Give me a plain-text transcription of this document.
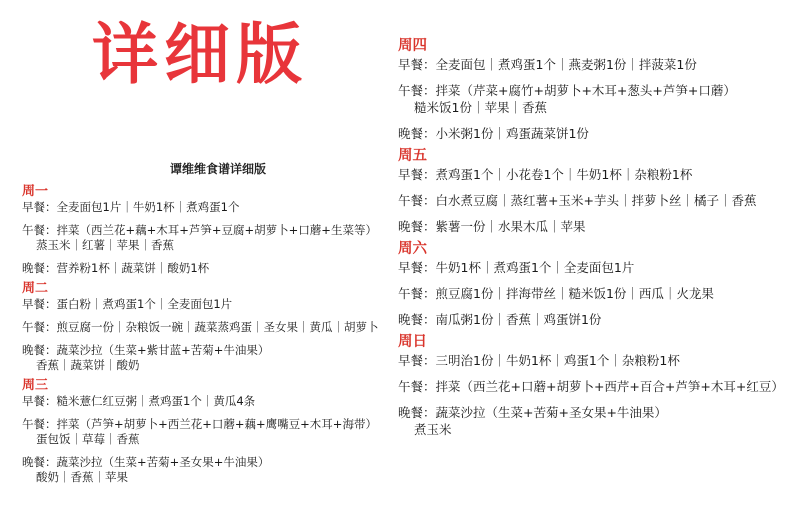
详细版
谭维维食谱详细版
周一
早餐：全麦面包1片｜牛奶1杯｜煮鸡蛋1个
午餐：拌菜（西兰花+藕+木耳+芦笋+豆腐+胡萝卜+口蘑+生菜等）
蒸玉米｜红薯｜苹果｜香蕉
晚餐：营养粉1杯｜蔬菜饼｜酸奶1杯
周二
早餐：蛋白粉｜煮鸡蛋1个｜全麦面包1片
午餐：煎豆腐一份｜杂粮饭一碗｜蔬菜蒸鸡蛋｜圣女果｜黄瓜｜胡萝卜
晚餐：蔬菜沙拉（生菜+紫甘蓝+苦菊+牛油果）
香蕉｜蔬菜饼｜酸奶
周三
早餐：糙米薏仁红豆粥｜煮鸡蛋1个｜黄瓜4条
午餐：拌菜（芦笋+胡萝卜+西兰花+口蘑+藕+鹰嘴豆+木耳+海带）
蛋包饭｜草莓｜香蕉
晚餐：蔬菜沙拉（生菜+苦菊+圣女果+牛油果）
酸奶｜香蕉｜苹果
周四
早餐：全麦面包｜煮鸡蛋1个｜燕麦粥1份｜拌菠菜1份
午餐：拌菜（芹菜+腐竹+胡萝卜+木耳+葱头+芦笋+口蘑）
糙米饭1份｜苹果｜香蕉
晚餐：小米粥1份｜鸡蛋蔬菜饼1份
周五
早餐：煮鸡蛋1个｜小花卷1个｜牛奶1杯｜杂粮粉1杯
午餐：白水煮豆腐｜蒸红薯+玉米+芋头｜拌萝卜丝｜橘子｜香蕉
晚餐：紫薯一份｜水果木瓜｜苹果
周六
早餐：牛奶1杯｜煮鸡蛋1个｜全麦面包1片
午餐：煎豆腐1份｜拌海带丝｜糙米饭1份｜西瓜｜火龙果
晚餐：南瓜粥1份｜香蕉｜鸡蛋饼1份
周日
早餐：三明治1份｜牛奶1杯｜鸡蛋1个｜杂粮粉1杯
午餐：拌菜（西兰花+口蘑+胡萝卜+西芹+百合+芦笋+木耳+红豆）
晚餐：蔬菜沙拉（生菜+苦菊+圣女果+牛油果）
煮玉米
